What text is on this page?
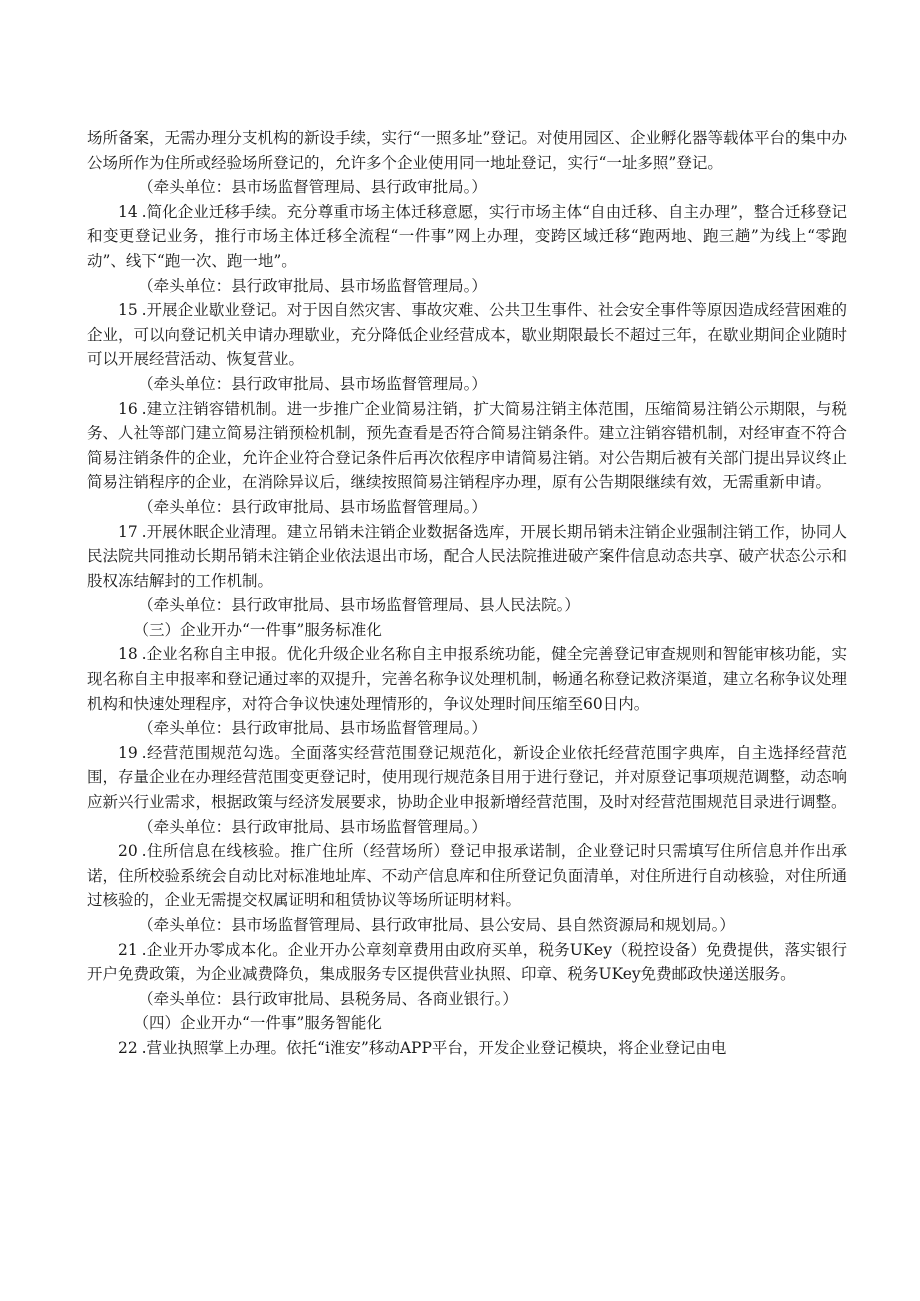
场所备案，无需办理分支机构的新设手续，实行“一照多址”登记。对使用园区、企业孵化器等载体平台的集中办公场所作为住所或经验场所登记的，允许多个企业使用同一地址登记，实行“一址多照”登记。

（牵头单位：县市场监督管理局、县行政审批局。）

14 .简化企业迁移手续。充分尊重市场主体迁移意愿，实行市场主体“自由迁移、自主办理”，整合迁移登记和变更登记业务，推行市场主体迁移全流程“一件事”网上办理，变跨区域迁移“跑两地、跑三趟”为线上“零跑动”、线下“跑一次、跑一地”。

（牵头单位：县行政审批局、县市场监督管理局。）

15 .开展企业歇业登记。对于因自然灾害、事故灾难、公共卫生事件、社会安全事件等原因造成经营困难的企业，可以向登记机关申请办理歇业，充分降低企业经营成本，歇业期限最长不超过三年，在歇业期间企业随时可以开展经营活动、恢复营业。

（牵头单位：县行政审批局、县市场监督管理局。）

16 .建立注销容错机制。进一步推广企业简易注销，扩大简易注销主体范围，压缩简易注销公示期限，与税务、人社等部门建立简易注销预检机制，预先查看是否符合简易注销条件。建立注销容错机制，对经审查不符合简易注销条件的企业，允许企业符合登记条件后再次依程序申请简易注销。对公告期后被有关部门提出异议终止简易注销程序的企业，在消除异议后，继续按照简易注销程序办理，原有公告期限继续有效，无需重新申请。

（牵头单位：县行政审批局、县市场监督管理局。）

17 .开展休眠企业清理。建立吊销未注销企业数据备选库，开展长期吊销未注销企业强制注销工作，协同人民法院共同推动长期吊销未注销企业依法退出市场，配合人民法院推进破产案件信息动态共享、破产状态公示和股权冻结解封的工作机制。

（牵头单位：县行政审批局、县市场监督管理局、县人民法院。）

（三）企业开办“一件事”服务标准化

18 .企业名称自主申报。优化升级企业名称自主申报系统功能，健全完善登记审查规则和智能审核功能，实现名称自主申报率和登记通过率的双提升，完善名称争议处理机制，畅通名称登记救济渠道，建立名称争议处理机构和快速处理程序，对符合争议快速处理情形的，争议处理时间压缩至60日内。

（牵头单位：县行政审批局、县市场监督管理局。）

19 .经营范围规范勾选。全面落实经营范围登记规范化，新设企业依托经营范围字典库，自主选择经营范围，存量企业在办理经营范围变更登记时，使用现行规范条目用于进行登记，并对原登记事项规范调整，动态响应新兴行业需求，根据政策与经济发展要求，协助企业申报新增经营范围，及时对经营范围规范目录进行调整。

（牵头单位：县行政审批局、县市场监督管理局。）

20 .住所信息在线核验。推广住所（经营场所）登记申报承诺制，企业登记时只需填写住所信息并作出承诺，住所校验系统会自动比对标准地址库、不动产信息库和住所登记负面清单，对住所进行自动核验，对住所通过核验的，企业无需提交权属证明和租赁协议等场所证明材料。

（牵头单位：县市场监督管理局、县行政审批局、县公安局、县自然资源局和规划局。）

21 .企业开办零成本化。企业开办公章刻章费用由政府买单，税务UKey（税控设备）免费提供，落实银行开户免费政策，为企业减费降负，集成服务专区提供营业执照、印章、税务UKey免费邮政快递送服务。

（牵头单位：县行政审批局、县税务局、各商业银行。）

（四）企业开办“一件事”服务智能化

22 .营业执照掌上办理。依托“i淮安”移动APP平台，开发企业登记模块，将企业登记由电
